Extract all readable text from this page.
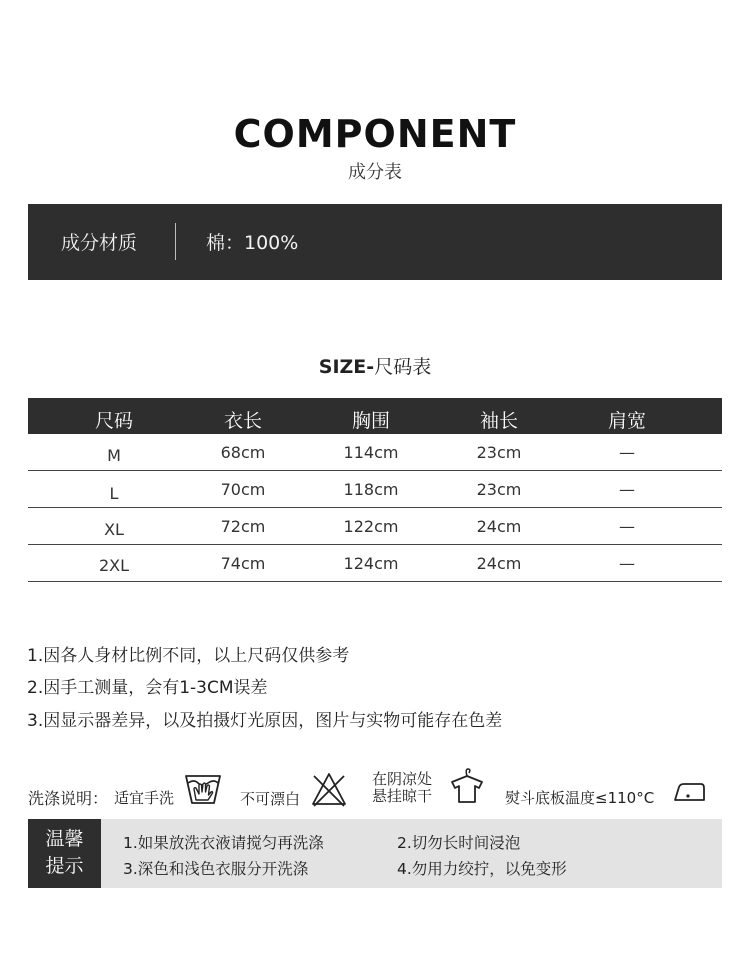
COMPONENT
成分表
成分材质	棉：100%
SIZE-尺码表
尺码	衣长	胸围	袖长	肩宽
M	68cm	114cm	23cm	—
L	70cm	118cm	23cm	—
XL	72cm	122cm	24cm	—
2XL	74cm	124cm	24cm	—
1.因各人身材比例不同，以上尺码仅供参考
2.因手工测量，会有1-3CM误差
3.因显示器差异，以及拍摄灯光原因，图片与实物可能存在色差
洗涤说明： 适宜手洗	不可漂白
在阴凉处
悬挂晾干	熨斗底板温度≤110°C
温馨
提示
1.如果放洗衣液请搅匀再洗涤	2.切勿长时间浸泡
3.深色和浅色衣服分开洗涤	4.勿用力绞拧，以免变形
